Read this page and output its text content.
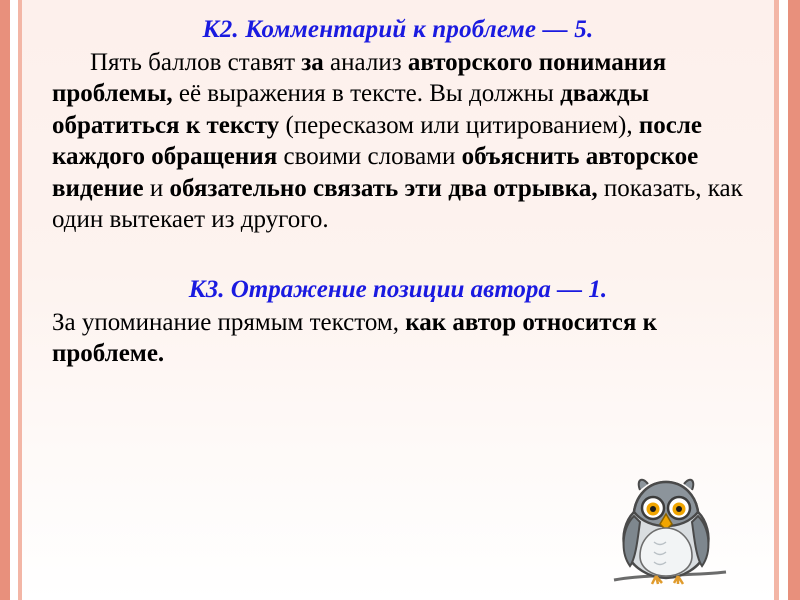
К2. Комментарий к проблеме — 5.

Пять баллов ставят за анализ авторского понимания проблемы, её выражения в тексте. Вы должны дважды обратиться к тексту (пересказом или цитированием), после каждого обращения своими словами объяснить авторское видение и обязательно связать эти два отрывка, показать, как один вытекает из другого.

К3. Отражение позиции автора — 1.

За упоминание прямым текстом, как автор относится к проблеме.
